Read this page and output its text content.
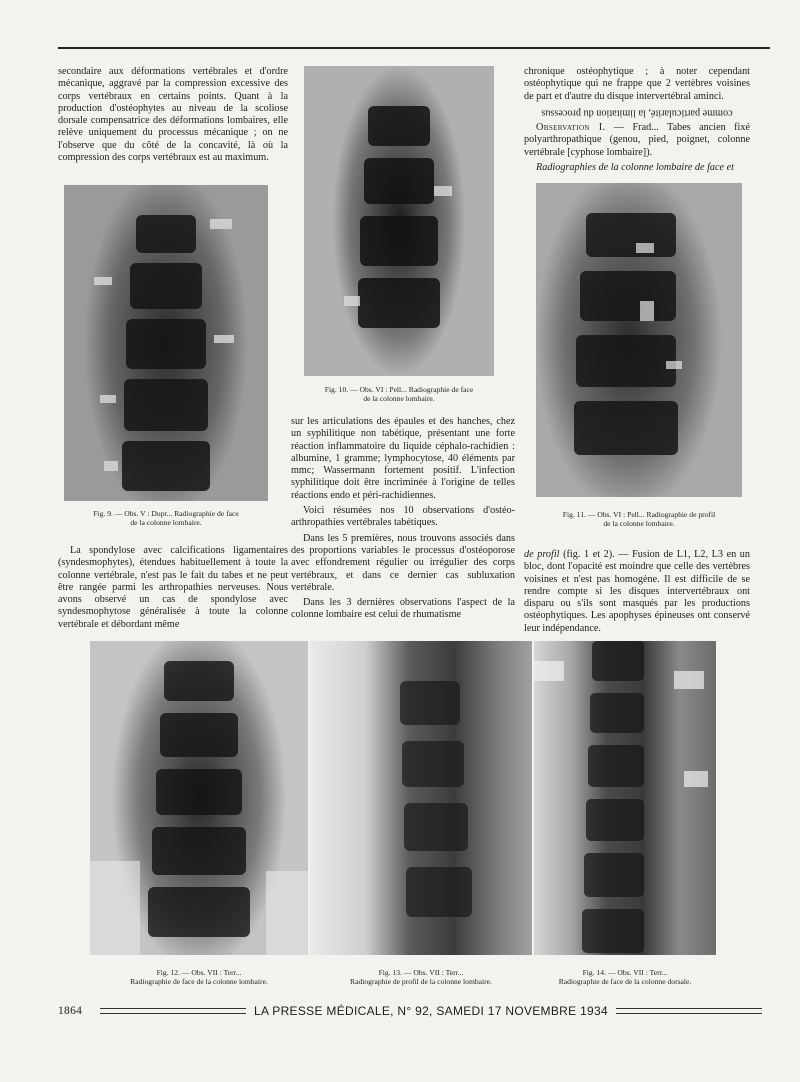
secondaire aux déformations vertébrales et d'ordre mécanique, aggravé par la compression excessive des corps vertébraux en certains points. Quant à la production d'ostéophytes au niveau de la scoliose dorsale compensatrice des déformations lombaires, elle relève uniquement du processus mécanique ; on ne l'observe que du côté de la concavité, là où la compression des corps vertébraux est au maximum.

Fig. 9. — Obs. V : Dupr... Radiographie de face
de la colonne lombaire.

La spondylose avec calcifications ligamentaires (syndesmophytes), étendues habituellement à toute la colonne vertébrale, n'est pas le fait du tabes et ne peut être rangée parmi les arthropathies nerveuses. Nous avons observé un cas de spondylose avec syndesmophytose généralisée à toute la colonne vertébrale et débordant même

Fig. 10. — Obs. VI : Pell... Radiographie de face
de la colonne lombaire.

sur les articulations des épaules et des hanches, chez un syphilitique non tabétique, présentant une forte réaction inflammatoire du liquide céphalo-rachidien : albumine, 1 gramme; lymphocytose, 40 éléments par mmc; Wassermann fortement positif. L'infection syphilitique doit être incriminée à l'origine de telles réactions endo et péri-rachidiennes.

Voici résumées nos 10 observations d'ostéo-arthropathies vertébrales tabétiques.

Dans les 5 premières, nous trouvons associés dans des proportions variables le processus d'ostéoporose avec effondrement régulier ou irrégulier des corps vertébraux, et dans ce dernier cas subluxation vertébrale.

Dans les 3 dernières observations l'aspect de la colonne lombaire est celui de rhumatisme

chronique ostéophytique ; à noter cependant ostéophytique qui ne frappe que 2 vertèbres voisines de part et d'autre du disque intervertébral aminci.

comme particularité, la limitation du processus

Observation I. — Frad... Tabes ancien fixé polyarthropathique (genou, pied, poignet, colonne vertébrale [cyphose lombaire]).

Radiographies de la colonne lombaire de face et

Fig. 11. — Obs. VI : Pell... Radiographie de profil
de la colonne lombaire.

de profil (fig. 1 et 2). — Fusion de L1, L2, L3 en un bloc, dont l'opacité est moindre que celle des vertèbres voisines et n'est pas homogène. Il est difficile de se rendre compte si les disques intervertébraux ont disparu ou s'ils sont masqués par les productions ostéophytiques. Les apophyses épineuses ont conservé leur indépendance.

Fig. 12. — Obs. VII : Terr...
Radiographie de face de la colonne lombaire.
Fig. 13. — Obs. VII : Terr...
Radiographie de profil de la colonne lombaire.
Fig. 14. — Obs. VII : Terr...
Radiographie de face de la colonne dorsale.
1864	LA PRESSE MÉDICALE, N° 92, SAMEDI 17 NOVEMBRE 1934
